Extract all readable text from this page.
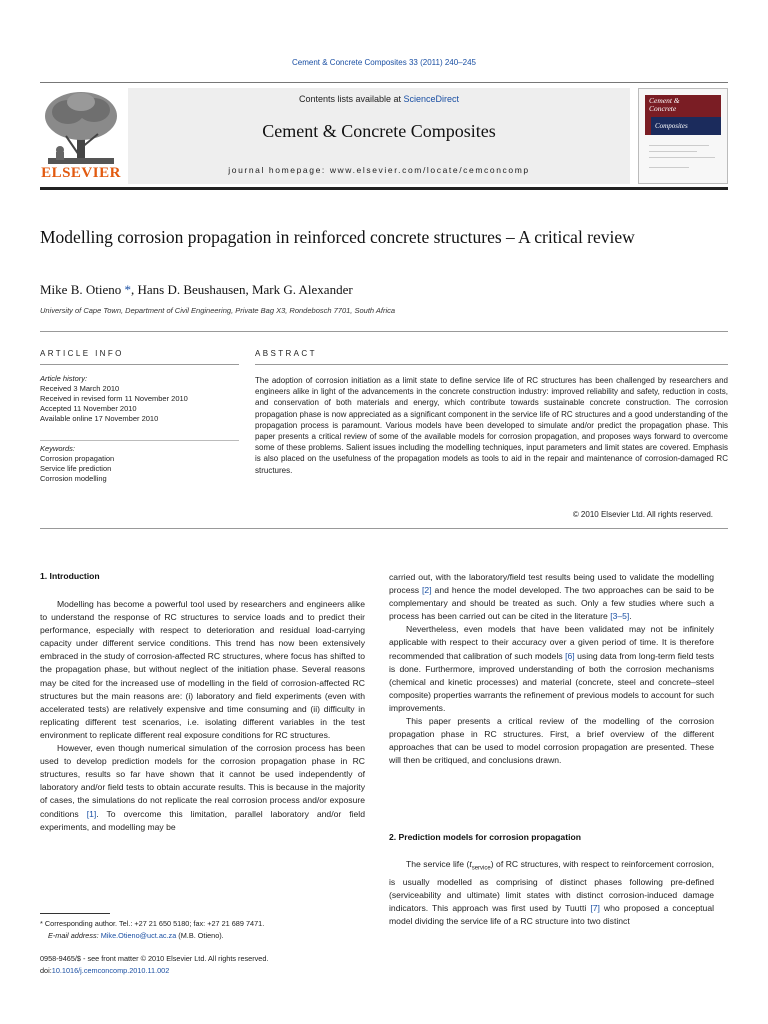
Cement & Concrete Composites 33 (2011) 240–245
ELSEVIER
Contents lists available at ScienceDirect
Cement & Concrete Composites
journal homepage: www.elsevier.com/locate/cemconcomp
Cement &
Concrete
Composites
Modelling corrosion propagation in reinforced concrete structures – A critical review
Mike B. Otieno *, Hans D. Beushausen, Mark G. Alexander
University of Cape Town, Department of Civil Engineering, Private Bag X3, Rondebosch 7701, South Africa
ARTICLE INFO	ABSTRACT
Article history:
Received 3 March 2010
Received in revised form 11 November 2010
Accepted 11 November 2010
Available online 17 November 2010
Keywords:
Corrosion propagation
Service life prediction
Corrosion modelling
The adoption of corrosion initiation as a limit state to define service life of RC structures has been challenged by researchers and engineers alike in light of the advancements in the concrete construction industry: improved reliability and safety, reduction in costs, and conservation of both materials and energy, which contribute towards sustainable concrete construction. The corrosion propagation phase is now appreciated as a significant component in the service life of RC structures and a good understanding of the propagation process is paramount. Various models have been developed to simulate and/or predict the propagation phase. This paper presents a critical review of some of the available models for corrosion propagation, and proposes ways forward to overcome some of these problems. Salient issues including the modelling techniques, input parameters and limit states are covered. Emphasis is also placed on the usefulness of the propagation models as tools to aid in the repair and maintenance of corrosion-damaged RC structures.
© 2010 Elsevier Ltd. All rights reserved.
1. Introduction

Modelling has become a powerful tool used by researchers and engineers alike to understand the response of RC structures to service loads and to predict their performance, especially with respect to deterioration and residual load-carrying capacity under different service conditions. This trend has now been extensively embraced in the study of corrosion-affected RC structures, where focus has shifted to the propagation phase, but without neglect of the initiation phase. Several reasons may be cited for the increased use of modelling in the field of corrosion-affected RC structures but the main reasons are: (i) laboratory and field experiments (even with accelerated tests) are relatively expensive and time consuming and (ii) difficulty in replicating different test scenarios, i.e. isolating different variables in the test environment to replicate different real exposure conditions for RC structures.

However, even though numerical simulation of the corrosion process has been used to develop prediction models for the corrosion propagation phase in RC structures, results so far have shown that it cannot be used independently of laboratory and/or field tests to obtain accurate results. This is because in the majority of cases, the simulations do not replicate the real corrosion process and/or exposure conditions [1]. To overcome this limitation, parallel laboratory and/or field experiments, and modelling may be

carried out, with the laboratory/field test results being used to validate the modelling process [2] and hence the model developed. The two approaches can be said to be complementary and should be treated as such. Only a few studies where such a process has been carried out can be cited in the literature [3–5].

Nevertheless, even models that have been validated may not be infinitely applicable with respect to their accuracy over a given period of time. It is therefore recommended that calibration of such models [6] using data from long-term field tests is done. Furthermore, improved understanding of both the corrosion mechanisms (chemical and kinetic processes) and material (concrete, steel and concrete–steel composite) properties warrants the refinement of previous models to account for such improvements.

This paper presents a critical review of the modelling of the corrosion propagation phase in RC structures. First, a brief overview of the different approaches that can be used to model corrosion propagation are presented. These will then be critiqued, and conclusions drawn.

2. Prediction models for corrosion propagation

The service life $(t_{service})$ of RC structures, with respect to reinforcement corrosion, is usually modelled as comprising of distinct phases following pre-defined (serviceability and ultimate) limit states with distinct corrosion-induced damage indicators. This approach was first used by Tuutti [7] who proposed a conceptual model dividing the service life of a RC structure into two distinct

* Corresponding author. Tel.: +27 21 650 5180; fax: +27 21 689 7471.
E-mail address: Mike.Otieno@uct.ac.za (M.B. Otieno).
0958-9465/$ - see front matter © 2010 Elsevier Ltd. All rights reserved.
doi:10.1016/j.cemconcomp.2010.11.002
